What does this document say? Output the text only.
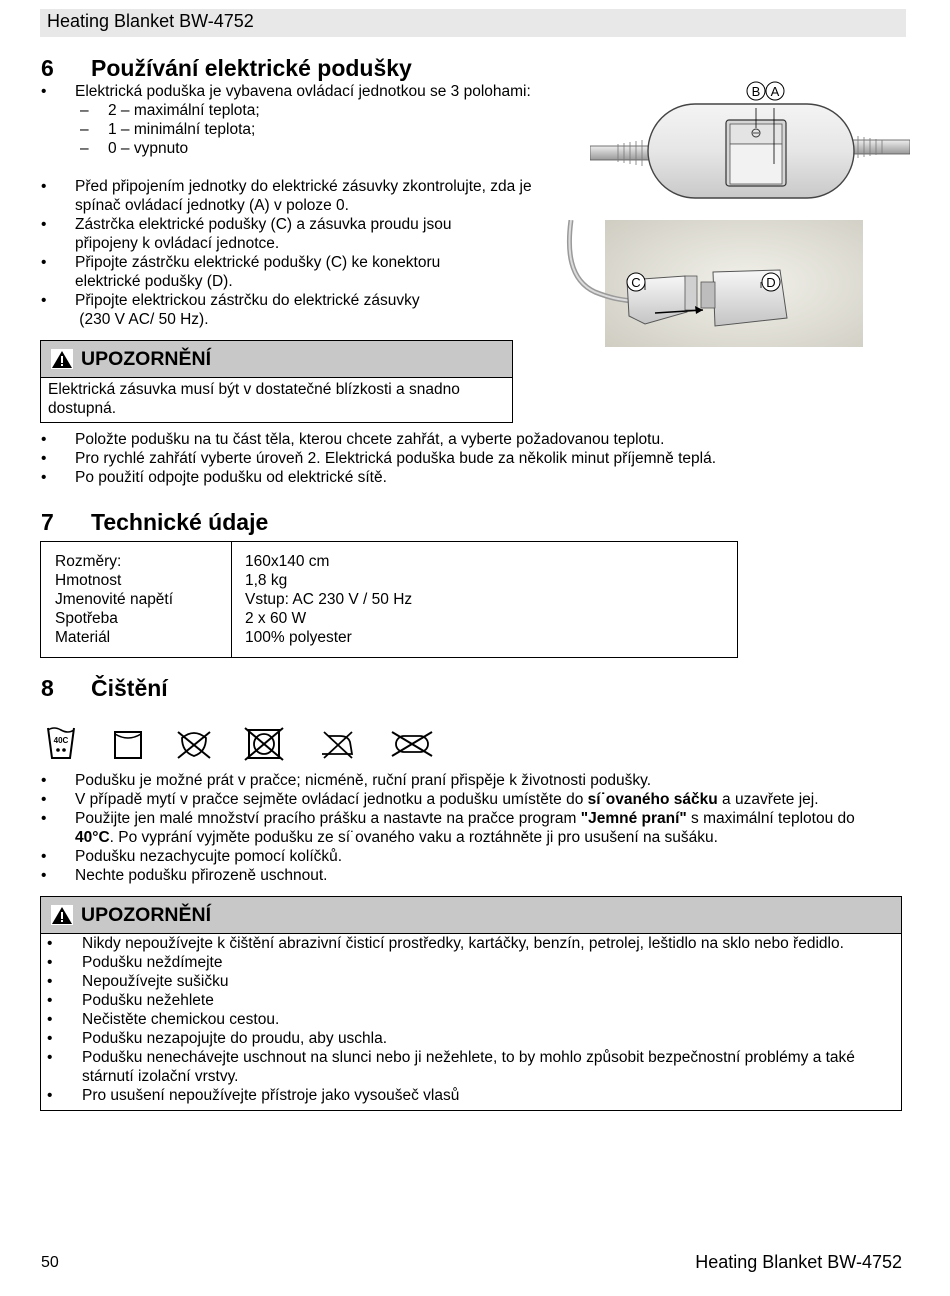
Heating Blanket BW-4752
6 Používání elektrické podušky
• Elektrická poduška je vybavena ovládací jednotkou se 3 polohami:
– 2 – maximální teplota;
– 1 – minimální teplota;
– 0 – vypnuto
• Před připojením jednotky do elektrické zásuvky zkontrolujte, zda je
spínač ovládací jednotky (A) v poloze 0.
• Zástrčka elektrické podušky (C) a zásuvka proudu jsou
připojeny k ovládací jednotce.
• Připojte zástrčku elektrické podušky (C) ke konektoru
elektrické podušky (D).
• Připojte elektrickou zástrčku do elektrické zásuvky
(230 V AC/ 50 Hz).
B A
C	D
UPOZORNĚNÍ
Elektrická zásuvka musí být v dostatečné blízkosti a snadno
dostupná.
• Položte podušku na tu část těla, kterou chcete zahřát, a vyberte požadovanou teplotu.
• Pro rychlé zahřátí vyberte úroveň 2. Elektrická poduška bude za několik minut příjemně teplá.
• Po použití odpojte podušku od elektrické sítě.
7 Technické údaje
Rozměry:	160x140 cm
Hmotnost	1,8 kg
Jmenovité napětí	Vstup: AC 230 V / 50 Hz
Spotřeba	2 x 60 W
Materiál	100% polyester
8 Čištění
40C
• Podušku je možné prát v pračce; nicméně, ruční praní přispěje k životnosti podušky.
• V případě mytí v pračce sejměte ovládací jednotku a podušku umístěte do sí˙ovaného sáčku a uzavřete jej.
• Použijte jen malé množství pracího prášku a nastavte na pračce program "Jemné praní" s maximální teplotou do
40°C. Po vyprání vyjměte podušku ze sí˙ovaného vaku a roztáhněte ji pro usušení na sušáku.
• Podušku nezachycujte pomocí kolíčků.
• Nechte podušku přirozeně uschnout.
UPOZORNĚNÍ
• Nikdy nepoužívejte k čištění abrazivní čisticí prostředky, kartáčky, benzín, petrolej, leštidlo na sklo nebo ředidlo.
• Podušku neždímejte
• Nepoužívejte sušičku
• Podušku nežehlete
• Nečistěte chemickou cestou.
• Podušku nezapojujte do proudu, aby uschla.
• Podušku nenechávejte uschnout na slunci nebo ji nežehlete, to by mohlo způsobit bezpečnostní problémy a také
stárnutí izolační vrstvy.
• Pro usušení nepoužívejte přístroje jako vysoušeč vlasů
50	Heating Blanket BW-4752
